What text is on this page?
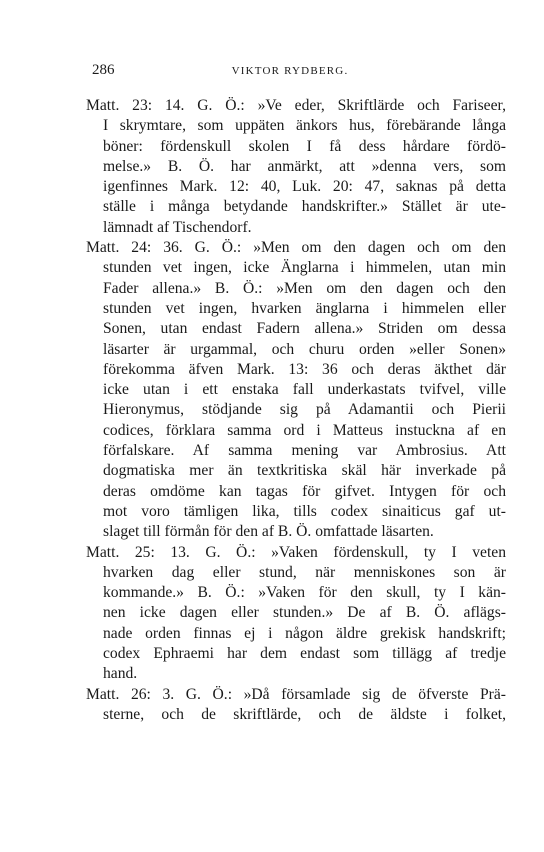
286	VIKTOR RYDBERG.
Matt. 23: 14. G. Ö.: »Ve eder, Skriftlärde och Fariseer,
I skrymtare, som uppäten änkors hus, förebärande långa
böner: fördenskull skolen I få dess hårdare fördö-
melse.» B. Ö. har anmärkt, att »denna vers, som
igenfinnes Mark. 12: 40, Luk. 20: 47, saknas på detta
ställe i många betydande handskrifter.» Stället är ute-
lämnadt af Tischendorf.
Matt. 24: 36. G. Ö.: »Men om den dagen och om den
stunden vet ingen, icke Änglarna i himmelen, utan min
Fader allena.» B. Ö.: »Men om den dagen och den
stunden vet ingen, hvarken änglarna i himmelen eller
Sonen, utan endast Fadern allena.» Striden om dessa
läsarter är urgammal, och churu orden »eller Sonen»
förekomma äfven Mark. 13: 36 och deras äkthet där
icke utan i ett enstaka fall underkastats tvifvel, ville
Hieronymus, stödjande sig på Adamantii och Pierii
codices, förklara samma ord i Matteus instuckna af en
förfalskare. Af samma mening var Ambrosius. Att
dogmatiska mer än textkritiska skäl här inverkade på
deras omdöme kan tagas för gifvet. Intygen för och
mot voro tämligen lika, tills codex sinaiticus gaf ut-
slaget till förmån för den af B. Ö. omfattade läsarten.
Matt. 25: 13. G. Ö.: »Vaken fördenskull, ty I veten
hvarken dag eller stund, när menniskones son är
kommande.» B. Ö.: »Vaken för den skull, ty I kän-
nen icke dagen eller stunden.» De af B. Ö. aflägs-
nade orden finnas ej i någon äldre grekisk handskrift;
codex Ephraemi har dem endast som tillägg af tredje
hand.
Matt. 26: 3. G. Ö.: »Då församlade sig de öfverste Prä-
sterne, och de skriftlärde, och de äldste i folket,
